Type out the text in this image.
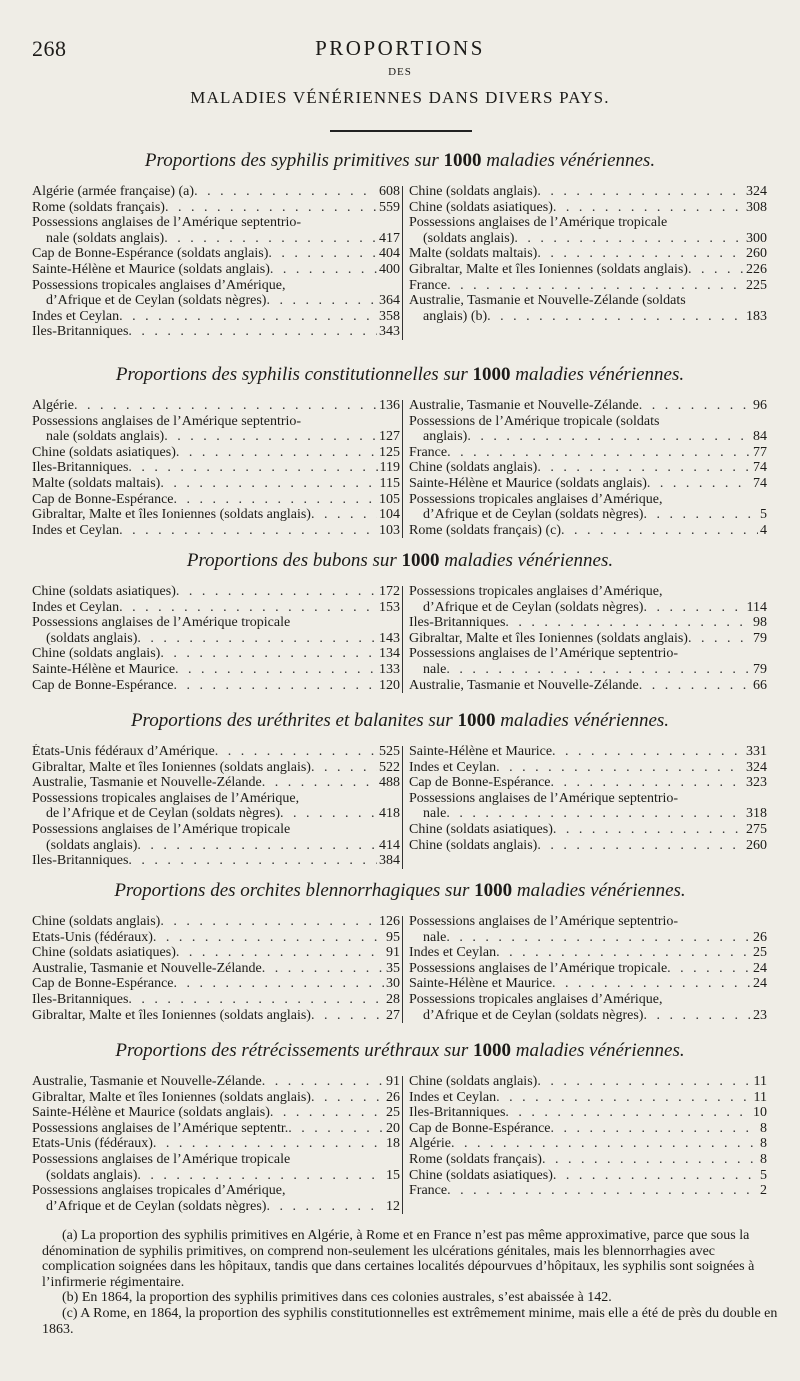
268	PROPORTIONS
DES
MALADIES VÉNÉRIENNES DANS DIVERS PAYS.
Proportions des syphilis primitives sur 1000 maladies vénériennes.
Algérie (armée française) (a) . . .	608
Rome (soldats français) . . .	559
Possessions anglaises de l’Amérique septentrio-
nale (soldats anglais) . . .	417
Cap de Bonne-Espérance (soldats anglais) . . .	404
Sainte-Hélène et Maurice (soldats anglais) . . .	400
Possessions tropicales anglaises d’Amérique,
d’Afrique et de Ceylan (soldats nègres) . . .	364
Indes et Ceylan . . .	358
Iles-Britanniques . . .	343
Chine (soldats anglais) . . .	324
Chine (soldats asiatiques) . . .	308
Possessions anglaises de l’Amérique tropicale
(soldats anglais) . . .	300
Malte (soldats maltais) . . .	260
Gibraltar, Malte et îles Ioniennes (soldats anglais) . . .	226
France . . .	225
Australie, Tasmanie et Nouvelle-Zélande (soldats
anglais) (b) . . .	183
Proportions des syphilis constitutionnelles sur 1000 maladies vénériennes.
Algérie . . .	136
Possessions anglaises de l’Amérique septentrio-
nale (soldats anglais) . . .	127
Chine (soldats asiatiques) . . .	125
Iles-Britanniques . . .	119
Malte (soldats maltais) . . .	115
Cap de Bonne-Espérance . . .	105
Gibraltar, Malte et îles Ioniennes (soldats anglais) . . .	104
Indes et Ceylan . . .	103
Australie, Tasmanie et Nouvelle-Zélande . . .	96
Possessions de l’Amérique tropicale (soldats
anglais) . . .	84
France . . .	77
Chine (soldats anglais) . . .	74
Sainte-Hélène et Maurice (soldats anglais) . . .	74
Possessions tropicales anglaises d’Amérique,
d’Afrique et de Ceylan (soldats nègres) . . .	5
Rome (soldats français) (c) . . .	4
Proportions des bubons sur 1000 maladies vénériennes.
Chine (soldats asiatiques) . . .	172
Indes et Ceylan . . .	153
Possessions anglaises de l’Amérique tropicale
(soldats anglais) . . .	143
Chine (soldats anglais) . . .	134
Sainte-Hélène et Maurice . . .	133
Cap de Bonne-Espérance . . .	120
Possessions tropicales anglaises d’Amérique,
d’Afrique et de Ceylan (soldats nègres) . . .	114
Iles-Britanniques . . .	98
Gibraltar, Malte et îles Ioniennes (soldats anglais) . . .	79
Possessions anglaises de l’Amérique septentrio-
nale . . .	79
Australie, Tasmanie et Nouvelle-Zélande . . .	66
Proportions des uréthrites et balanites sur 1000 maladies vénériennes.
États-Unis fédéraux d’Amérique . . .	525
Gibraltar, Malte et îles Ioniennes (soldats anglais) . . .	522
Australie, Tasmanie et Nouvelle-Zélande . . .	488
Possessions tropicales anglaises de l’Amérique,
de l’Afrique et de Ceylan (soldats nègres) . . .	418
Possessions anglaises de l’Amérique tropicale
(soldats anglais) . . .	414
Iles-Britanniques . . .	384
Sainte-Hélène et Maurice . . .	331
Indes et Ceylan . . .	324
Cap de Bonne-Espérance . . .	323
Possessions anglaises de l’Amérique septentrio-
nale . . .	318
Chine (soldats asiatiques) . . .	275
Chine (soldats anglais) . . .	260
Proportions des orchites blennorrhagiques sur 1000 maladies vénériennes.
Chine (soldats anglais) . . .	126
Etats-Unis (fédéraux) . . .	95
Chine (soldats asiatiques) . . .	91
Australie, Tasmanie et Nouvelle-Zélande . . .	35
Cap de Bonne-Espérance . . .	30
Iles-Britanniques . . .	28
Gibraltar, Malte et îles Ioniennes (soldats anglais) . . .	27
Possessions anglaises de l’Amérique septentrio-
nale . . .	26
Indes et Ceylan . . .	25
Possessions anglaises de l’Amérique tropicale . . .	24
Sainte-Hélène et Maurice . . .	24
Possessions tropicales anglaises d’Amérique,
d’Afrique et de Ceylan (soldats nègres) . . .	23
Proportions des rétrécissements uréthraux sur 1000 maladies vénériennes.
Australie, Tasmanie et Nouvelle-Zélande . . .	91
Gibraltar, Malte et îles Ioniennes (soldats anglais) . . .	26
Sainte-Hélène et Maurice (soldats anglais) . . .	25
Possessions anglaises de l’Amérique septentr. . . .	20
Etats-Unis (fédéraux) . . .	18
Possessions anglaises de l’Amérique tropicale
(soldats anglais) . . .	15
Possessions anglaises tropicales d’Amérique,
d’Afrique et de Ceylan (soldats nègres) . . .	12
Chine (soldats anglais) . . .	11
Indes et Ceylan . . .	11
Iles-Britanniques . . .	10
Cap de Bonne-Espérance . . .	8
Algérie . . .	8
Rome (soldats français) . . .	8
Chine (soldats asiatiques) . . .	5
France . . .	2
(a) La proportion des syphilis primitives en Algérie, à Rome et en France n’est pas même approximative, parce que sous la dénomination de syphilis primitives, on comprend non-seulement les ulcérations génitales, mais les blennorrhagies avec complication soignées dans les hôpitaux, tandis que dans certaines localités dépourvues d’hôpitaux, les syphilis sont soignées à l’infirmerie régimentaire.
(b) En 1864, la proportion des syphilis primitives dans ces colonies australes, s’est abaissée à 142.
(c) A Rome, en 1864, la proportion des syphilis constitutionnelles est extrêmement minime, mais elle a été de près du double en 1863.
